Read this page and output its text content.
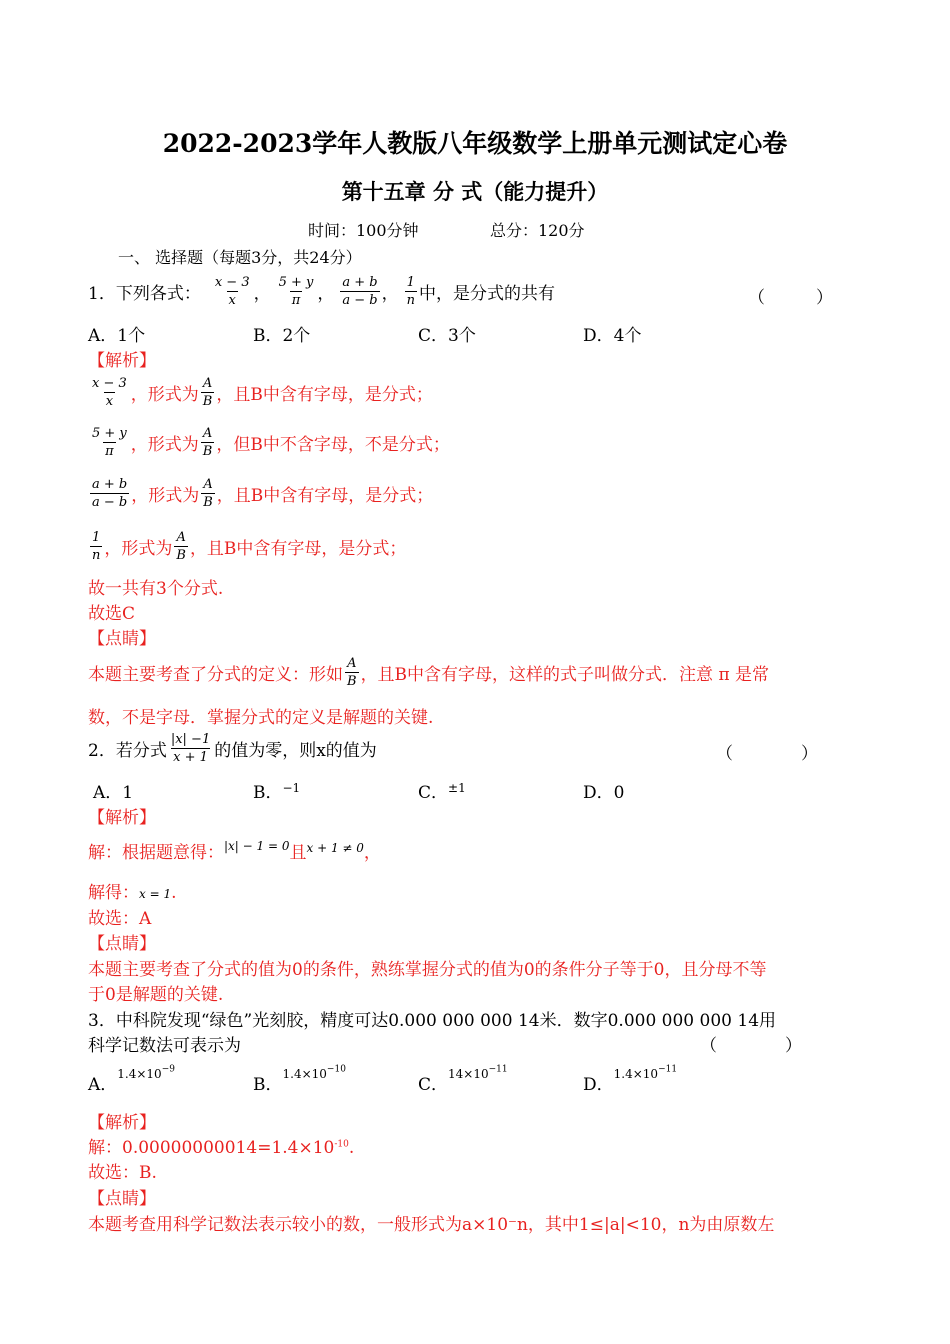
2022-2023学年人教版八年级数学上册单元测试定心卷
第十五章 分 式（能力提升）
时间：100分钟	总分：120分
一、 选择题（每题3分，共24分）
1．下列各式： $\frac{x - 3}{x}$ ， $\frac{5 + y}{\pi}$ ， $\frac{a + b}{a - b}$ ， $\frac{1}{n}$ 中，是分式的共有	（　　　）
A．1个	B．2个	C．3个	D．4个
【解析】
$\frac{x - 3}{x}$ ，形式为 $\frac{A}{B}$ ，且B中含有字母，是分式；
$\frac{5 + y}{\pi}$ ，形式为 $\frac{A}{B}$ ，但B中不含字母，不是分式；
$\frac{a + b}{a - b}$ ，形式为 $\frac{A}{B}$ ，且B中含有字母，是分式；
$\frac{1}{n}$ ，形式为 $\frac{A}{B}$ ，且B中含有字母，是分式；
故一共有3个分式.
故选C
【点睛】
本题主要考查了分式的定义：形如 $\frac{A}{B}$ ，且B中含有字母，这样的式子叫做分式．注意 π 是常
数，不是字母．掌握分式的定义是解题的关键.
2．若分式 $\frac{|x| -1}{x + 1}$ 的值为零，则x的值为	（　　　　）
A．1	B．$^{-1}$	C．$^{\pm 1}$	D．0
【解析】
解：根据题意得：$^{|x| - 1 = 0}$且$^{x + 1 \ne 0}$，
解得：x = 1.
故选：A
【点睛】
本题主要考查了分式的值为0的条件，熟练掌握分式的值为0的条件分子等于0，且分母不等
于0是解题的关键.
3．中科院发现“绿色”光刻胶，精度可达0.000 000 000 14米．数字0.000 000 000 14用
科学记数法可表示为	（　　　　）
A．$1.4\times 10^{-9}$
B．$1.4\times 10^{-10}$
C．$14\times 10^{-11}$
D．$1.4\times 10^{-11}$
【解析】
解：$0.00000000014=1.4\times 10^{-10}$.
故选：B.
【点睛】
本题考查用科学记数法表示较小的数，一般形式为a×10⁻n，其中1≤|a|<10，n为由原数左
